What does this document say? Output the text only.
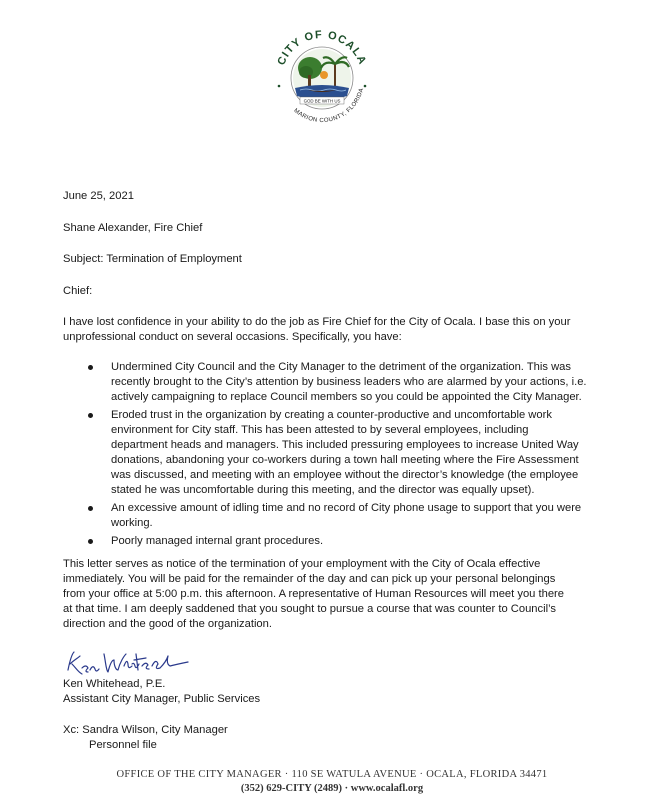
GOD BE WITH US
CITY OF OCALA
MARION COUNTY, FLORIDA
June 25, 2021
Shane Alexander, Fire Chief
Subject: Termination of Employment
Chief:
I have lost confidence in your ability to do the job as Fire Chief for the City of Ocala. I base this on your
unprofessional conduct on several occasions. Specifically, you have:
Undermined City Council and the City Manager to the detriment of the organization. This was
recently brought to the City’s attention by business leaders who are alarmed by your actions, i.e.
actively campaigning to replace Council members so you could be appointed the City Manager.
Eroded trust in the organization by creating a counter-productive and uncomfortable work
environment for City staff. This has been attested to by several employees, including
department heads and managers. This included pressuring employees to increase United Way
donations, abandoning your co-workers during a town hall meeting where the Fire Assessment
was discussed, and meeting with an employee without the director’s knowledge (the employee
stated he was uncomfortable during this meeting, and the director was equally upset).
An excessive amount of idling time and no record of City phone usage to support that you were
working.
Poorly managed internal grant procedures.
This letter serves as notice of the termination of your employment with the City of Ocala effective
immediately. You will be paid for the remainder of the day and can pick up your personal belongings
from your office at 5:00 p.m. this afternoon. A representative of Human Resources will meet you there
at that time. I am deeply saddened that you sought to pursue a course that was counter to Council’s
direction and the good of the organization.
Ken Whitehead, P.E.
Assistant City Manager, Public Services
Xc: Sandra Wilson, City Manager
Personnel file
OFFICE OF THE CITY MANAGER · 110 SE WATULA AVENUE · OCALA, FLORIDA 34471
(352) 629-CITY (2489) · www.ocalafl.org
